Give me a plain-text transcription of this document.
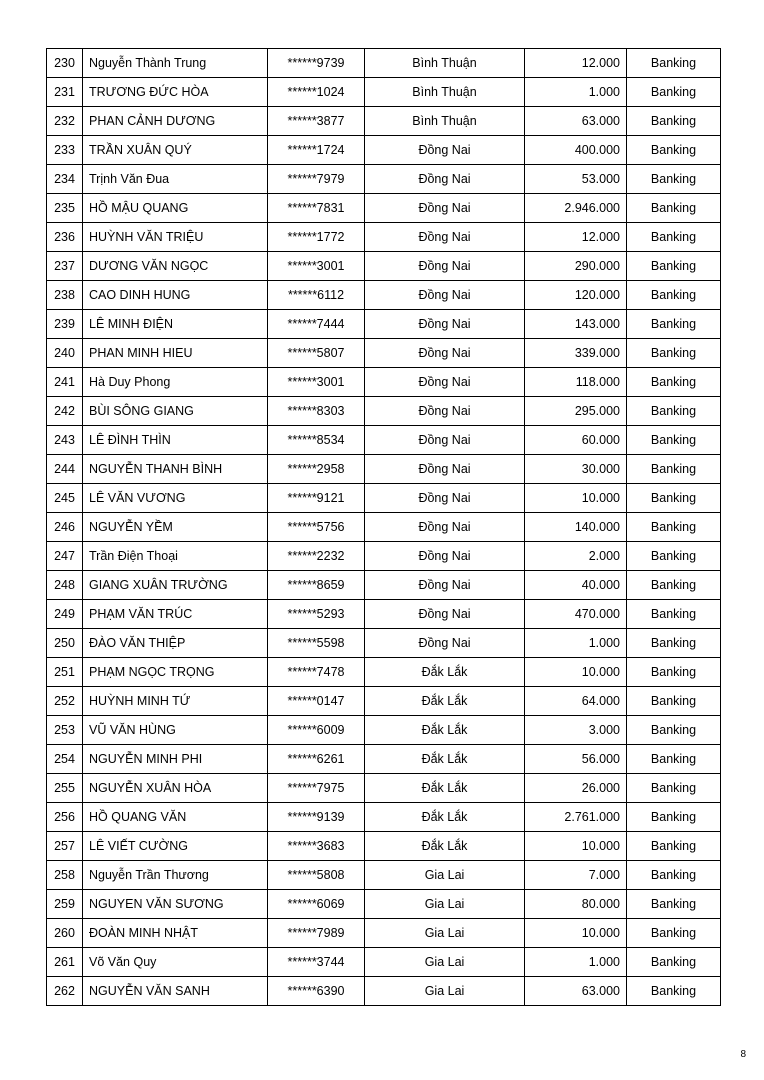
230	Nguyễn Thành Trung	******9739	Bình Thuận	12.000	Banking
231	TRƯƠNG ĐỨC HÒA	******1024	Bình Thuận	1.000	Banking
232	PHAN CẢNH DƯƠNG	******3877	Bình Thuận	63.000	Banking
233	TRẦN XUÂN QUÝ	******1724	Đồng Nai	400.000	Banking
234	Trịnh Văn Đua	******7979	Đồng Nai	53.000	Banking
235	HỒ MẬU QUANG	******7831	Đồng Nai	2.946.000	Banking
236	HUỲNH VĂN TRIỆU	******1772	Đồng Nai	12.000	Banking
237	DƯƠNG VĂN NGỌC	******3001	Đồng Nai	290.000	Banking
238	CAO DINH HUNG	******6112	Đồng Nai	120.000	Banking
239	LÊ MINH ĐIỆN	******7444	Đồng Nai	143.000	Banking
240	PHAN MINH HIEU	******5807	Đồng Nai	339.000	Banking
241	Hà Duy Phong	******3001	Đồng Nai	118.000	Banking
242	BÙI SÔNG GIANG	******8303	Đồng Nai	295.000	Banking
243	LÊ ĐÌNH THÌN	******8534	Đồng Nai	60.000	Banking
244	NGUYỄN THANH BÌNH	******2958	Đồng Nai	30.000	Banking
245	LÊ VĂN VƯƠNG	******9121	Đồng Nai	10.000	Banking
246	NGUYỄN YỀM	******5756	Đồng Nai	140.000	Banking
247	Trần Điện Thoại	******2232	Đồng Nai	2.000	Banking
248	GIANG XUÂN TRƯỜNG	******8659	Đồng Nai	40.000	Banking
249	PHẠM VĂN TRÚC	******5293	Đồng Nai	470.000	Banking
250	ĐÀO VĂN THIỆP	******5598	Đồng Nai	1.000	Banking
251	PHẠM NGỌC TRỌNG	******7478	Đắk Lắk	10.000	Banking
252	HUỲNH MINH TỨ	******0147	Đắk Lắk	64.000	Banking
253	VŨ VĂN HÙNG	******6009	Đắk Lắk	3.000	Banking
254	NGUYỄN MINH PHI	******6261	Đắk Lắk	56.000	Banking
255	NGUYỄN XUÂN HÒA	******7975	Đắk Lắk	26.000	Banking
256	HỒ QUANG VĂN	******9139	Đắk Lắk	2.761.000	Banking
257	LÊ VIẾT CƯỜNG	******3683	Đắk Lắk	10.000	Banking
258	Nguyễn Trần Thương	******5808	Gia Lai	7.000	Banking
259	NGUYEN VĂN SƯƠNG	******6069	Gia Lai	80.000	Banking
260	ĐOÀN MINH NHẬT	******7989	Gia Lai	10.000	Banking
261	Võ Văn Quy	******3744	Gia Lai	1.000	Banking
262	NGUYỄN VĂN SANH	******6390	Gia Lai	63.000	Banking
8
